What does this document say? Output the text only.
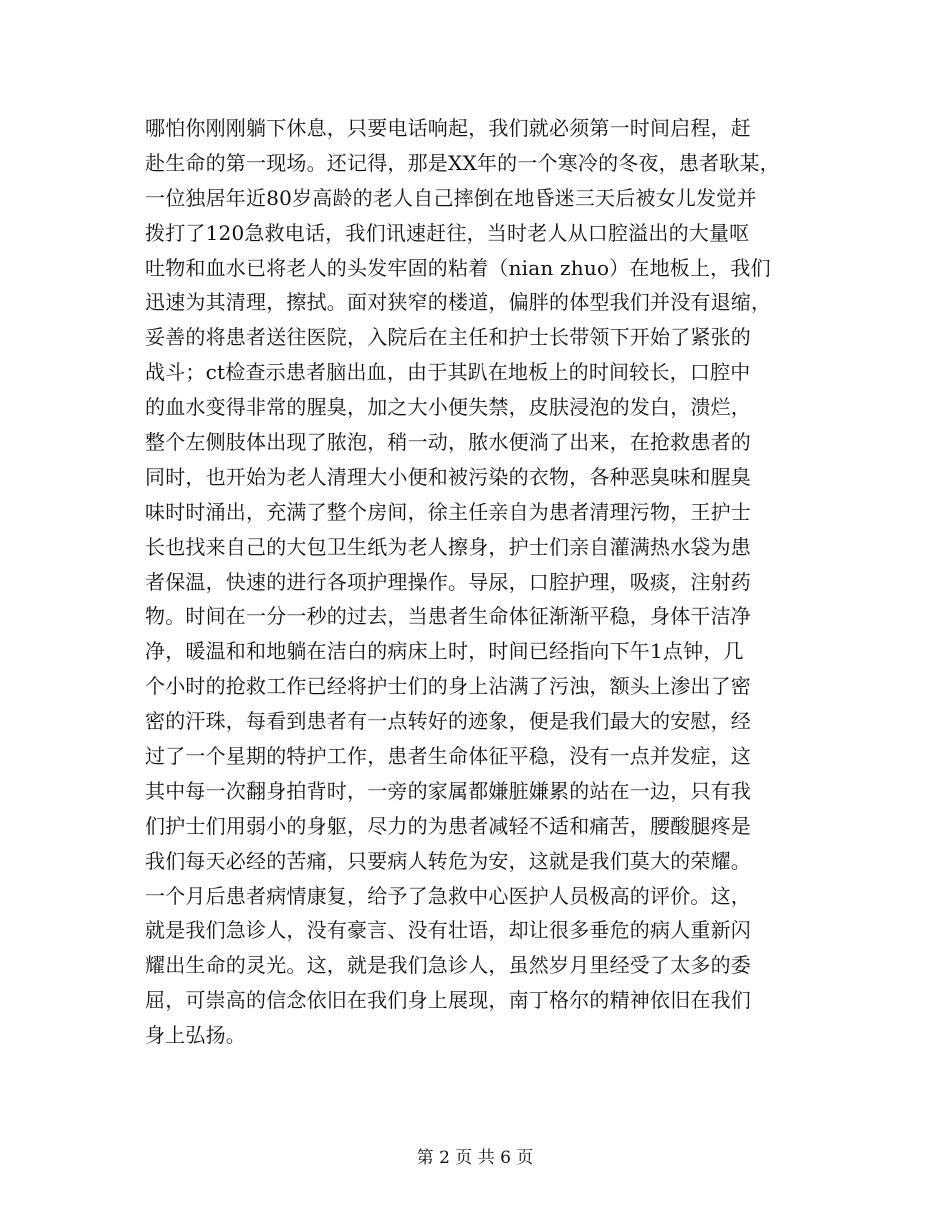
哪怕你刚刚躺下休息，只要电话响起，我们就必须第一时间启程，赶
赴生命的第一现场。还记得，那是XX年的一个寒冷的冬夜，患者耿某，
一位独居年近80岁高龄的老人自己摔倒在地昏迷三天后被女儿发觉并
拨打了120急救电话，我们讯速赶往，当时老人从口腔溢出的大量呕
吐物和血水已将老人的头发牢固的粘着（nian zhuo）在地板上，我们
迅速为其清理，擦拭。面对狭窄的楼道，偏胖的体型我们并没有退缩，
妥善的将患者送往医院，入院后在主任和护士长带领下开始了紧张的
战斗；ct检查示患者脑出血，由于其趴在地板上的时间较长，口腔中
的血水变得非常的腥臭，加之大小便失禁，皮肤浸泡的发白，溃烂，
整个左侧肢体出现了脓泡，稍一动，脓水便淌了出来，在抢救患者的
同时，也开始为老人清理大小便和被污染的衣物，各种恶臭味和腥臭
味时时涌出，充满了整个房间，徐主任亲自为患者清理污物，王护士
长也找来自己的大包卫生纸为老人擦身，护士们亲自灌满热水袋为患
者保温，快速的进行各项护理操作。导尿，口腔护理，吸痰，注射药
物。时间在一分一秒的过去，当患者生命体征渐渐平稳，身体干洁净
净，暖温和和地躺在洁白的病床上时，时间已经指向下午1点钟，几
个小时的抢救工作已经将护士们的身上沾满了污浊，额头上渗出了密
密的汗珠，每看到患者有一点转好的迹象，便是我们最大的安慰，经
过了一个星期的特护工作，患者生命体征平稳，没有一点并发症，这
其中每一次翻身拍背时，一旁的家属都嫌脏嫌累的站在一边，只有我
们护士们用弱小的身躯，尽力的为患者减轻不适和痛苦，腰酸腿疼是
我们每天必经的苦痛，只要病人转危为安，这就是我们莫大的荣耀。
一个月后患者病情康复，给予了急救中心医护人员极高的评价。这，
就是我们急诊人，没有豪言、没有壮语，却让很多垂危的病人重新闪
耀出生命的灵光。这，就是我们急诊人，虽然岁月里经受了太多的委
屈，可崇高的信念依旧在我们身上展现，南丁格尔的精神依旧在我们
身上弘扬。
第 2 页 共 6 页
